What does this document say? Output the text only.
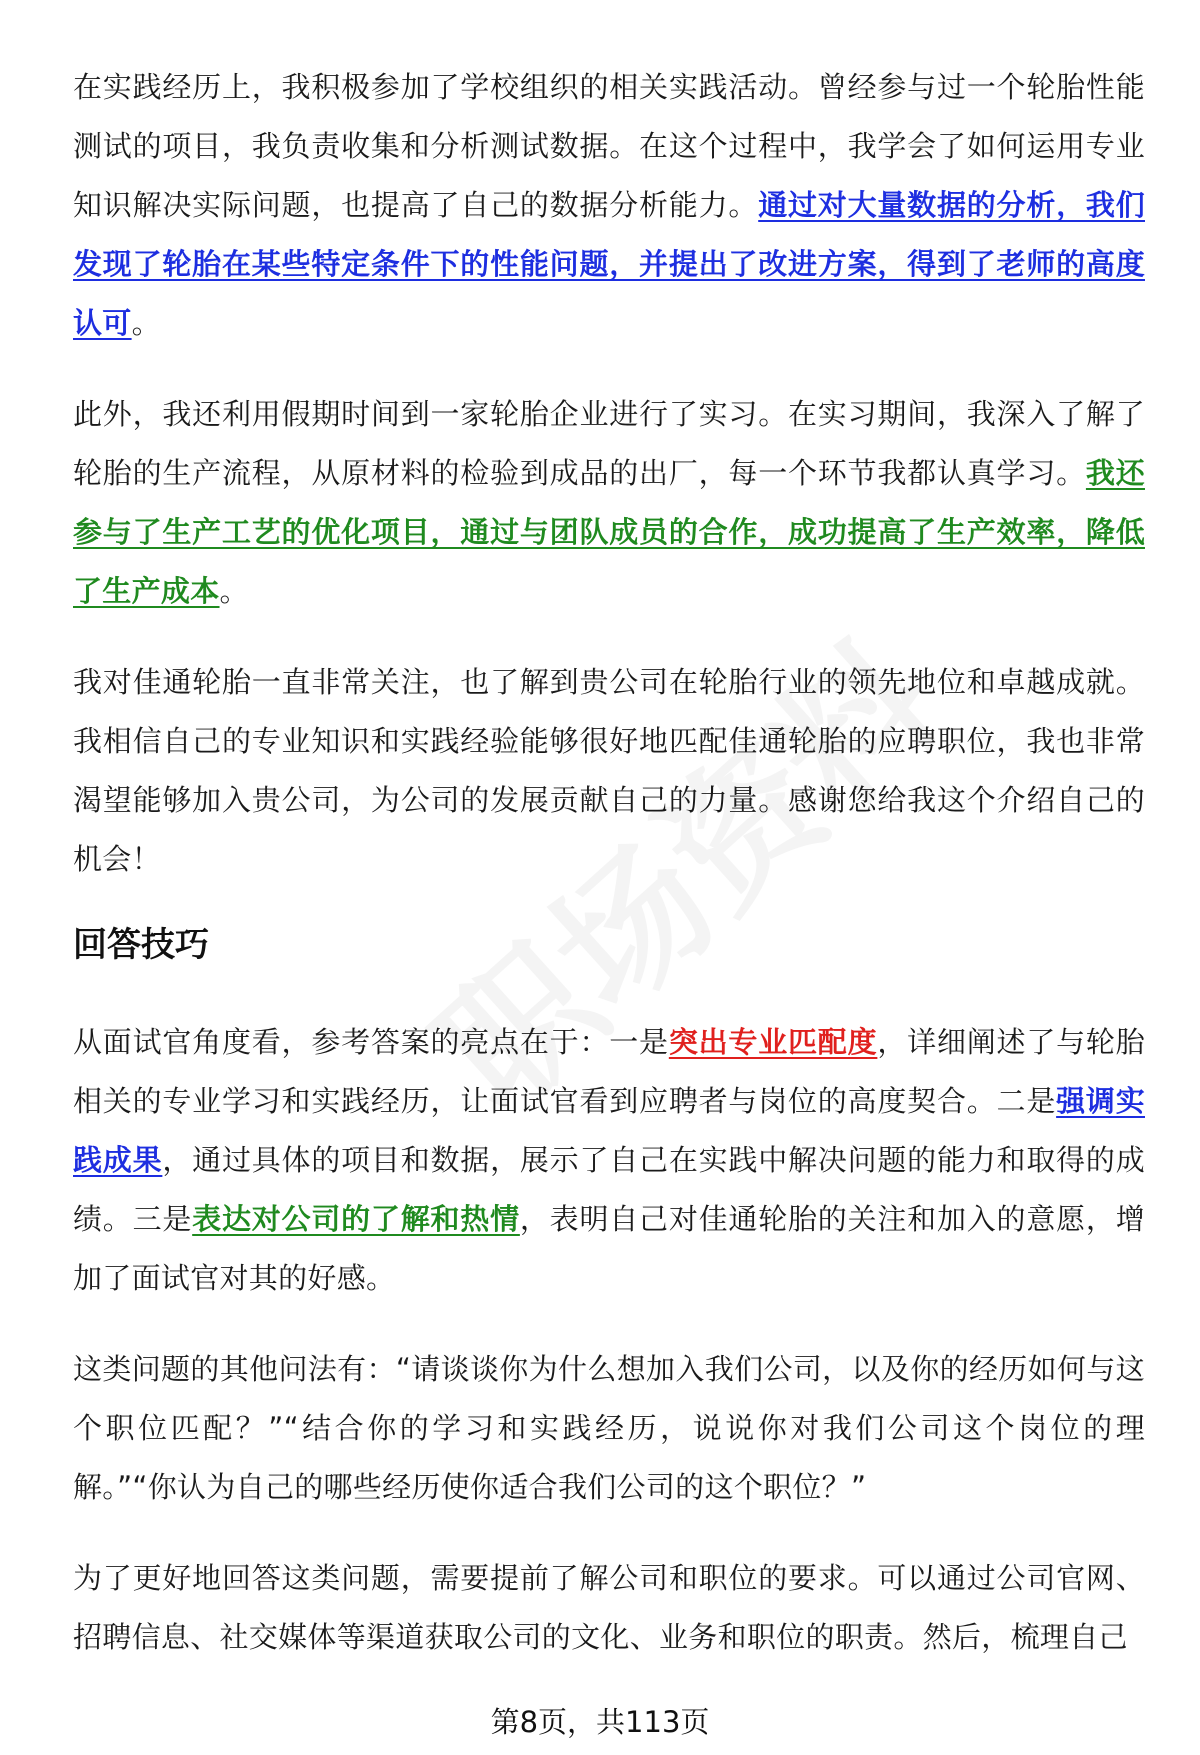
在实践经历上，我积极参加了学校组织的相关实践活动。曾经参与过一个轮胎性能测试的项目，我负责收集和分析测试数据。在这个过程中，我学会了如何运用专业知识解决实际问题，也提高了自己的数据分析能力。通过对大量数据的分析，我们发现了轮胎在某些特定条件下的性能问题，并提出了改进方案，得到了老师的高度认可。

此外，我还利用假期时间到一家轮胎企业进行了实习。在实习期间，我深入了解了轮胎的生产流程，从原材料的检验到成品的出厂，每一个环节我都认真学习。我还参与了生产工艺的优化项目，通过与团队成员的合作，成功提高了生产效率，降低了生产成本。

我对佳通轮胎一直非常关注，也了解到贵公司在轮胎行业的领先地位和卓越成就。我相信自己的专业知识和实践经验能够很好地匹配佳通轮胎的应聘职位，我也非常渴望能够加入贵公司，为公司的发展贡献自己的力量。感谢您给我这个介绍自己的机会！

回答技巧

从面试官角度看，参考答案的亮点在于：一是突出专业匹配度，详细阐述了与轮胎相关的专业学习和实践经历，让面试官看到应聘者与岗位的高度契合。二是强调实践成果，通过具体的项目和数据，展示了自己在实践中解决问题的能力和取得的成绩。三是表达对公司的了解和热情，表明自己对佳通轮胎的关注和加入的意愿，增加了面试官对其的好感。

这类问题的其他问法有：“请谈谈你为什么想加入我们公司，以及你的经历如何与这个职位匹配？”“结合你的学习和实践经历，说说你对我们公司这个岗位的理解。”“你认为自己的哪些经历使你适合我们公司的这个职位？”

为了更好地回答这类问题，需要提前了解公司和职位的要求。可以通过公司官网、招聘信息、社交媒体等渠道获取公司的文化、业务和职位的职责。然后，梳理自己

第8页，共113页
